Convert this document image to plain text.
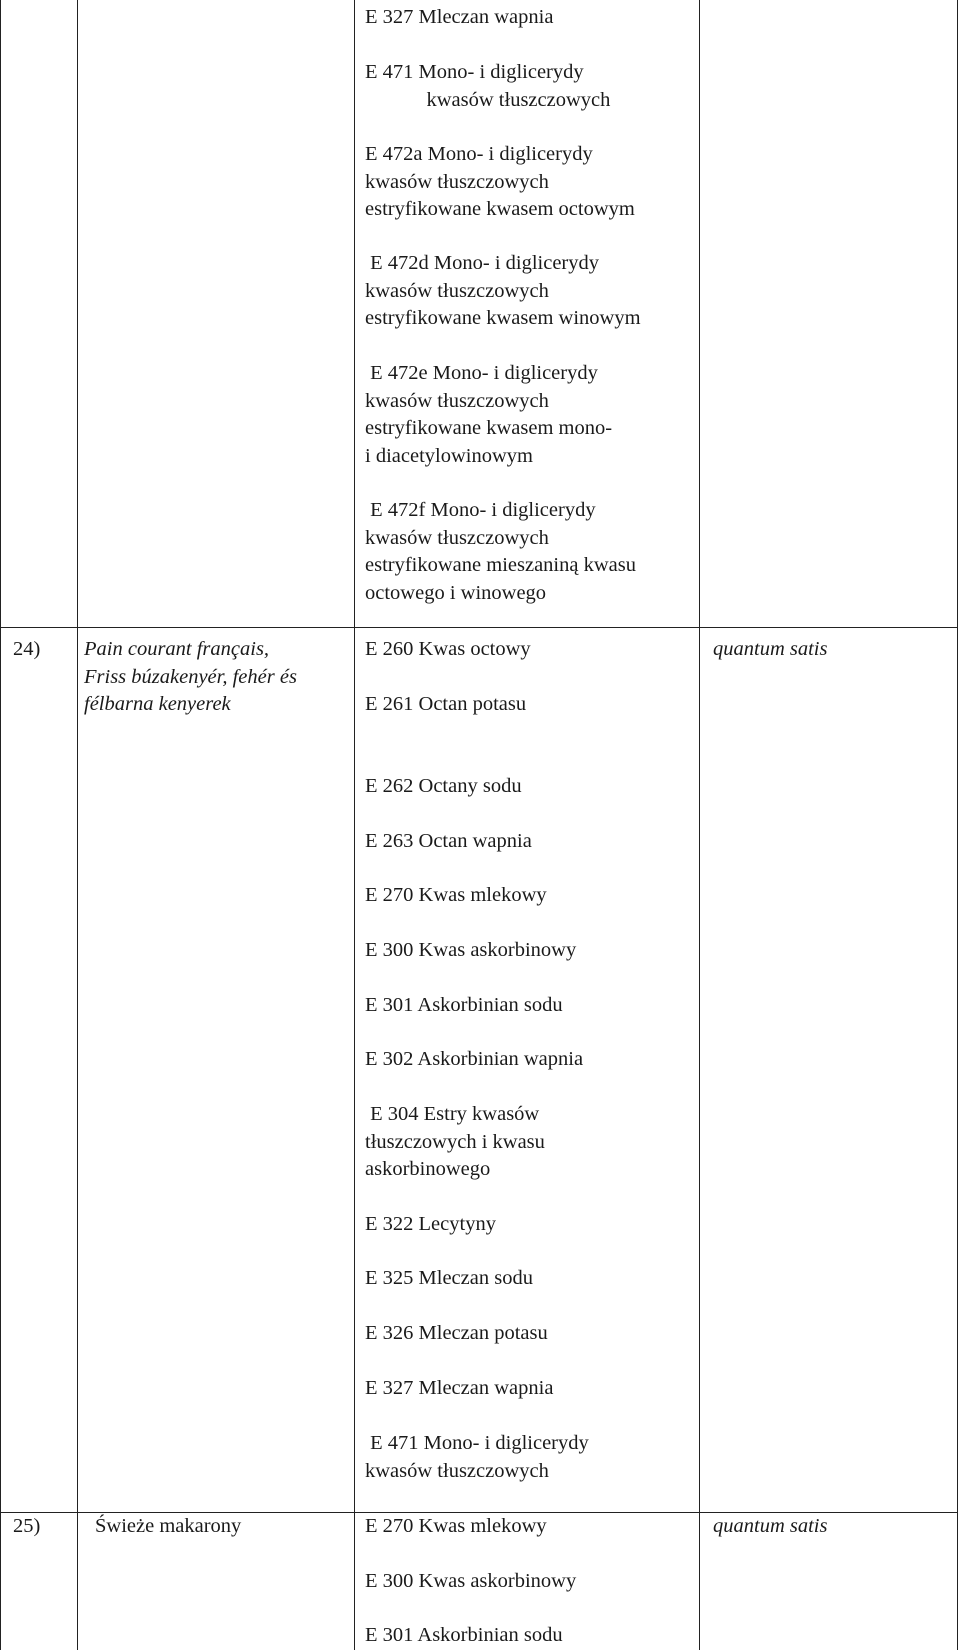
E 327 Mleczan wapnia
E 471 Mono- i diglicerydy
kwasów tłuszczowych
E 472a Mono- i diglicerydy
kwasów tłuszczowych
estryfikowane kwasem octowym
E 472d Mono- i diglicerydy
kwasów tłuszczowych
estryfikowane kwasem winowym
E 472e Mono- i diglicerydy
kwasów tłuszczowych
estryfikowane kwasem mono-
i diacetylowinowym
E 472f Mono- i diglicerydy
kwasów tłuszczowych
estryfikowane mieszaniną kwasu
octowego i winowego
24) Pain courant français,
Friss búzakenyér, fehér és
félbarna kenyerek
quantum satis
E 260 Kwas octowy
E 261 Octan potasu
E 262 Octany sodu
E 263 Octan wapnia
E 270 Kwas mlekowy
E 300 Kwas askorbinowy
E 301 Askorbinian sodu
E 302 Askorbinian wapnia
E 304 Estry kwasów
tłuszczowych i kwasu
askorbinowego
E 322 Lecytyny
E 325 Mleczan sodu
E 326 Mleczan potasu
E 327 Mleczan wapnia
E 471 Mono- i diglicerydy
kwasów tłuszczowych
25)	Świeże makarony	quantum satis
E 270 Kwas mlekowy
E 300 Kwas askorbinowy
E 301 Askorbinian sodu
